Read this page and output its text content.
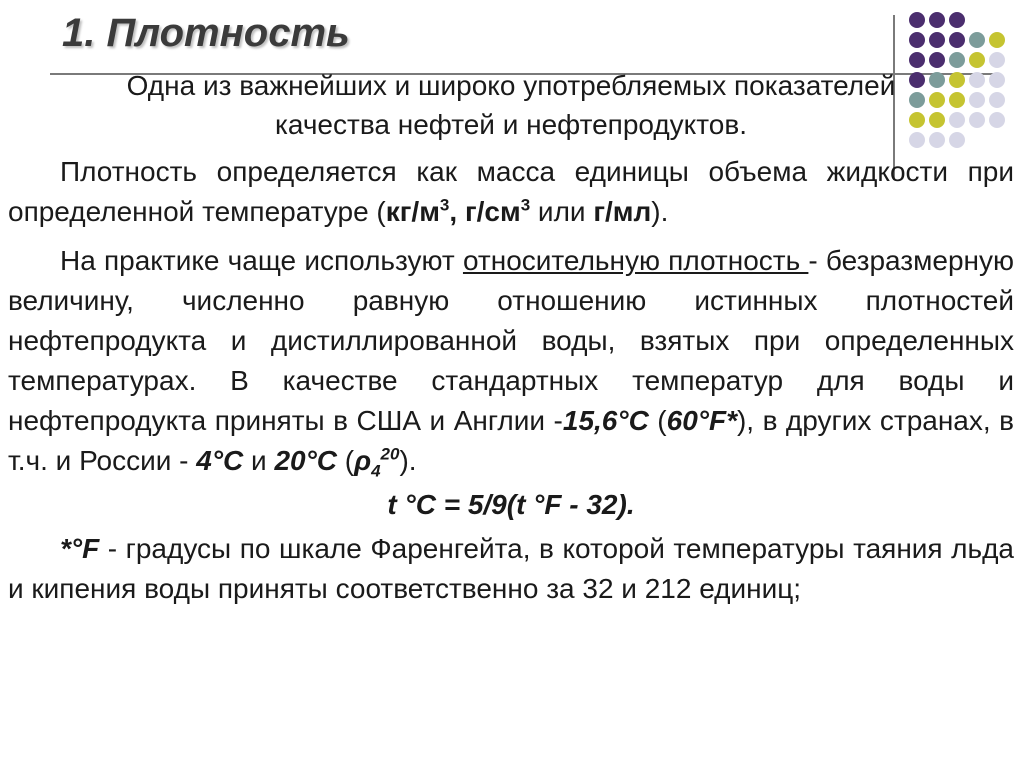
1. Плотность

Одна из важнейших и широко употребляемых показателей качества нефтей и нефтепродуктов.

Плотность определяется как масса единицы объема жидкости при определенной температуре ($кг/м^3$, $г/см^3$ или г/мл).

На практике чаще используют относительную плотность - безразмерную величину, численно равную отношению истинных плотностей нефтепродукта и дистиллированной воды, взятых при определенных температурах. В качестве стандартных температур для воды и нефтепродукта приняты в США и Англии -15,6°С (60°F*), в других странах, в т.ч. и России - 4°С и 20°С $(\rho_4^{20})$.

t °C = 5/9(t °F - 32).

*°F - градусы по шкале Фаренгейта, в которой температуры таяния льда и кипения воды приняты соответственно за 32 и 212 единиц;
